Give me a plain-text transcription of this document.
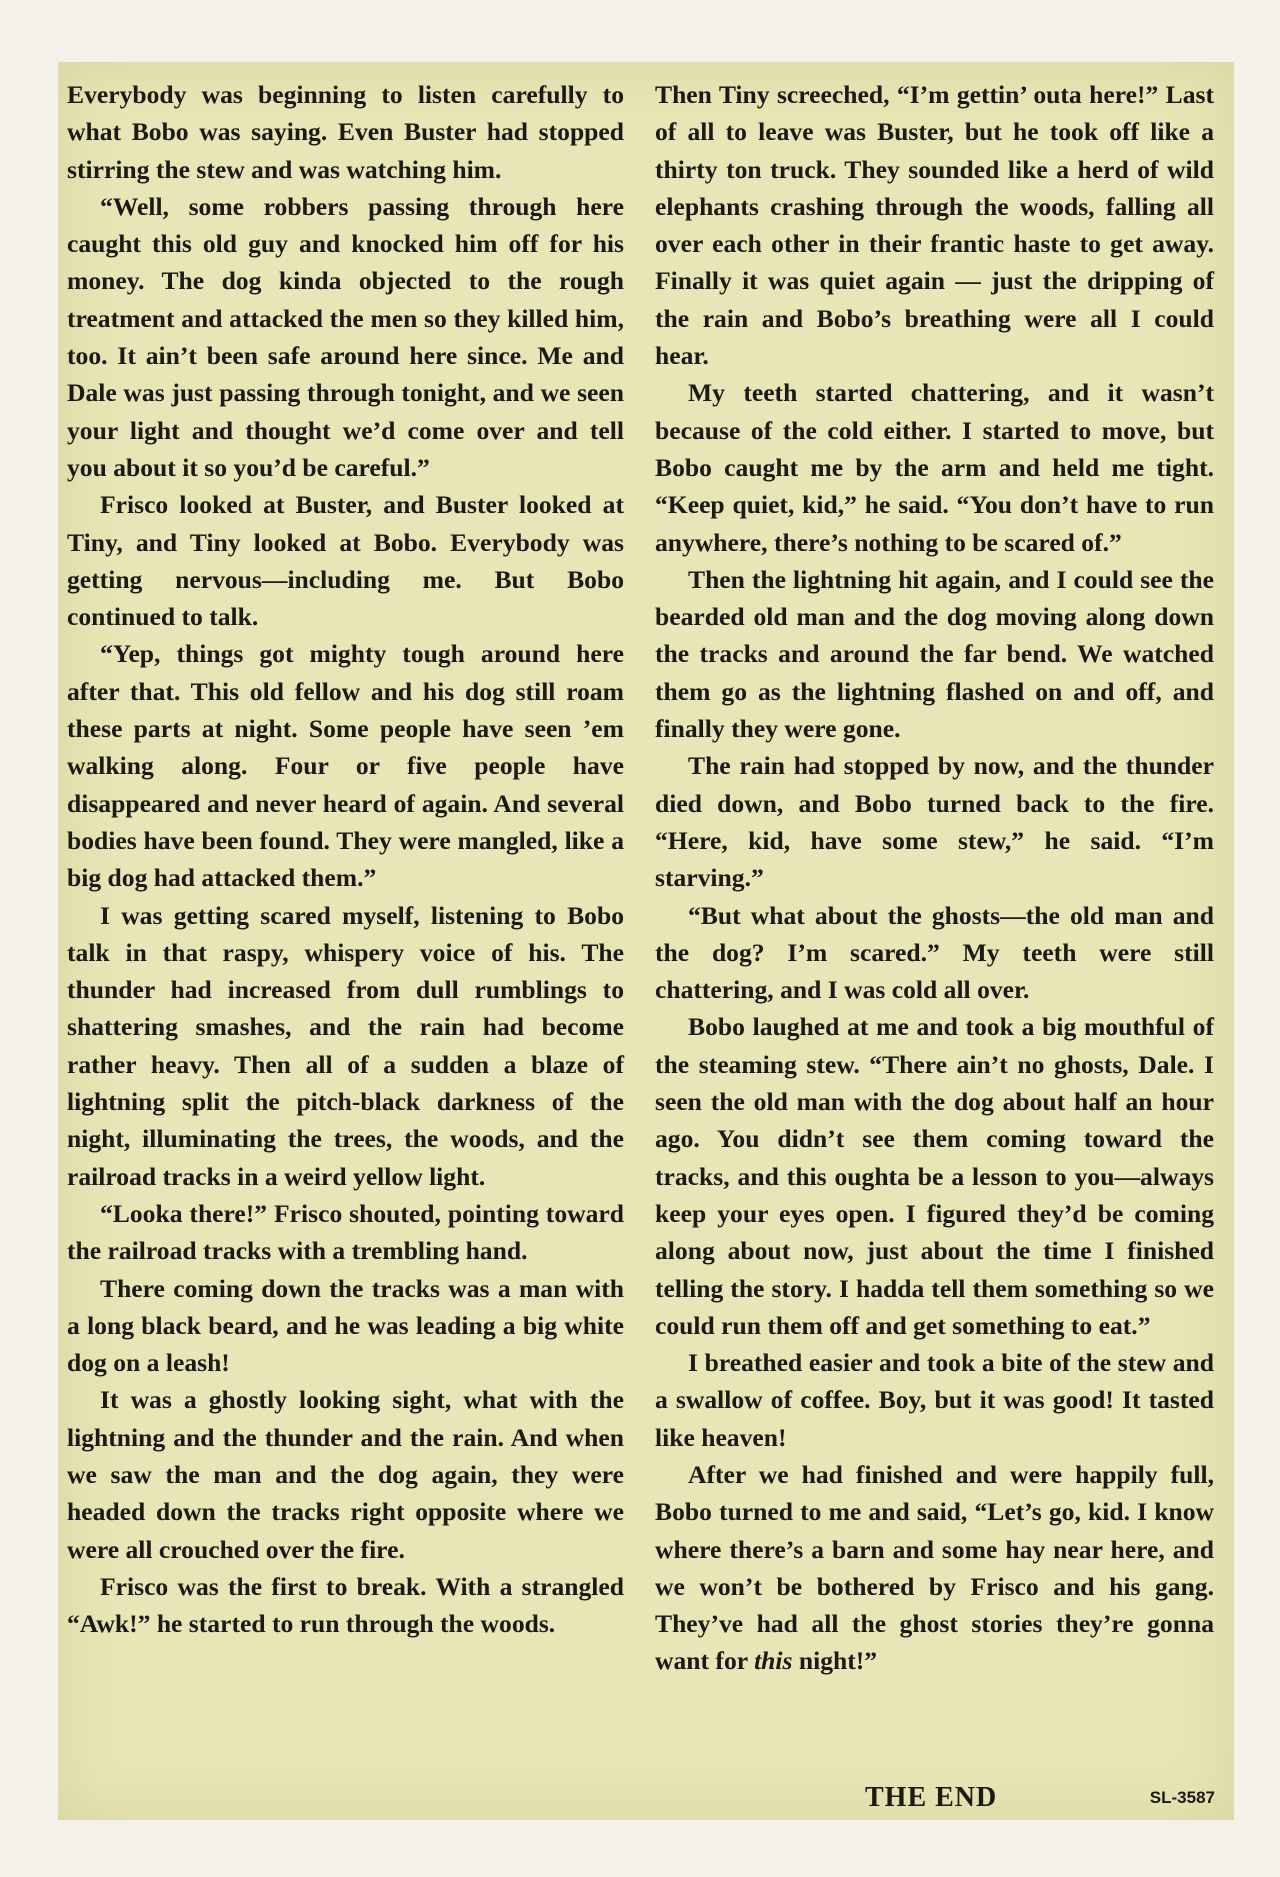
Everybody was beginning to listen carefully to what Bobo was saying. Even Buster had stopped stirring the stew and was watching him.

“Well, some robbers passing through here caught this old guy and knocked him off for his money. The dog kinda objected to the rough treatment and attacked the men so they killed him, too. It ain’t been safe around here since. Me and Dale was just passing through tonight, and we seen your light and thought we’d come over and tell you about it so you’d be careful.”

Frisco looked at Buster, and Buster looked at Tiny, and Tiny looked at Bobo. Everybody was getting nervous—including me. But Bobo continued to talk.

“Yep, things got mighty tough around here after that. This old fellow and his dog still roam these parts at night. Some people have seen ’em walking along. Four or five people have disappeared and never heard of again. And several bodies have been found. They were mangled, like a big dog had attacked them.”

I was getting scared myself, listening to Bobo talk in that raspy, whispery voice of his. The thunder had increased from dull rumblings to shattering smashes, and the rain had become rather heavy. Then all of a sudden a blaze of lightning split the pitch-black darkness of the night, illuminating the trees, the woods, and the railroad tracks in a weird yellow light.

“Looka there!” Frisco shouted, pointing toward the railroad tracks with a trembling hand.

There coming down the tracks was a man with a long black beard, and he was leading a big white dog on a leash!

It was a ghostly looking sight, what with the lightning and the thunder and the rain. And when we saw the man and the dog again, they were headed down the tracks right opposite where we were all crouched over the fire.

Frisco was the first to break. With a strangled “Awk!” he started to run through the woods.

Then Tiny screeched, “I’m gettin’ outa here!” Last of all to leave was Buster, but he took off like a thirty ton truck. They sounded like a herd of wild elephants crashing through the woods, falling all over each other in their frantic haste to get away. Finally it was quiet again — just the dripping of the rain and Bobo’s breathing were all I could hear.

My teeth started chattering, and it wasn’t because of the cold either. I started to move, but Bobo caught me by the arm and held me tight. “Keep quiet, kid,” he said. “You don’t have to run anywhere, there’s nothing to be scared of.”

Then the lightning hit again, and I could see the bearded old man and the dog moving along down the tracks and around the far bend. We watched them go as the lightning flashed on and off, and finally they were gone.

The rain had stopped by now, and the thunder died down, and Bobo turned back to the fire. “Here, kid, have some stew,” he said. “I’m starving.”

“But what about the ghosts—the old man and the dog? I’m scared.” My teeth were still chattering, and I was cold all over.

Bobo laughed at me and took a big mouthful of the steaming stew. “There ain’t no ghosts, Dale. I seen the old man with the dog about half an hour ago. You didn’t see them coming toward the tracks, and this oughta be a lesson to you—always keep your eyes open. I figured they’d be coming along about now, just about the time I finished telling the story. I hadda tell them something so we could run them off and get something to eat.”

I breathed easier and took a bite of the stew and a swallow of coffee. Boy, but it was good! It tasted like heaven!

After we had finished and were happily full, Bobo turned to me and said, “Let’s go, kid. I know where there’s a barn and some hay near here, and we won’t be bothered by Frisco and his gang. They’ve had all the ghost stories they’re gonna want for this night!”

THE END	SL-3587
